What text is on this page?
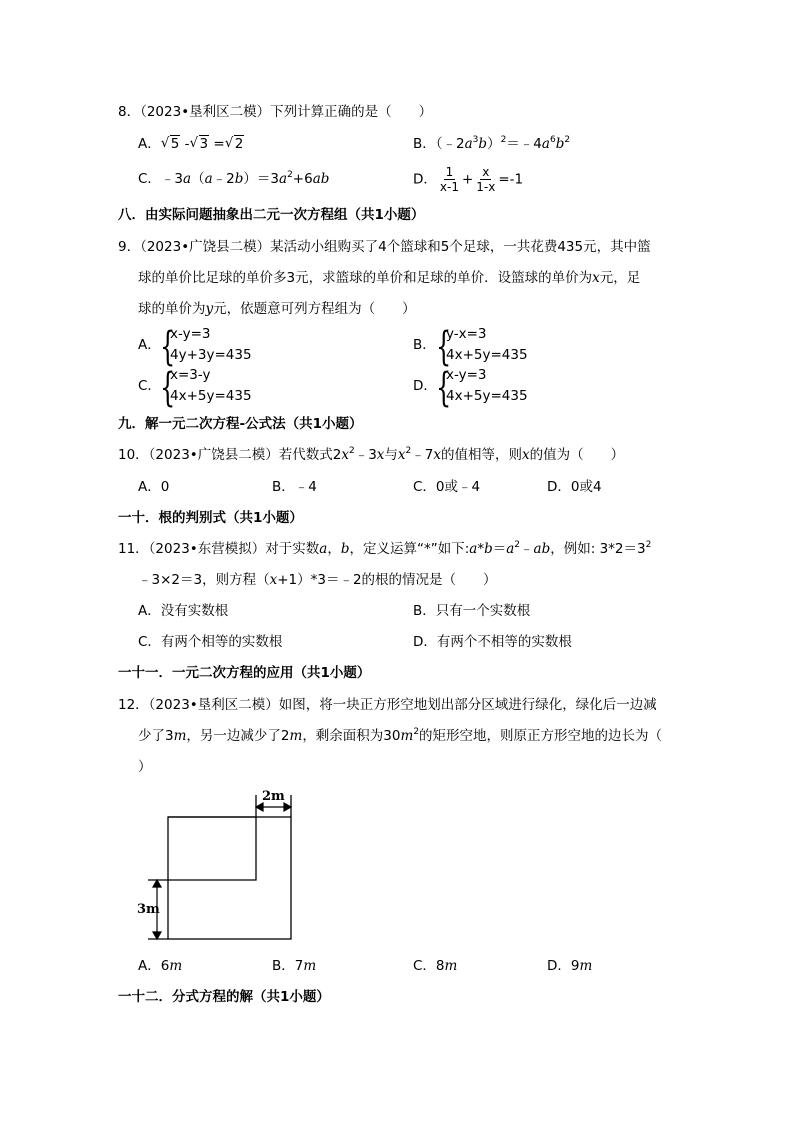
8．（2023•垦利区二模）下列计算正确的是（　　）
A． √ 5 - √ 3 = √ 2	B．$(﹣2a^3b)^2=﹣4a^6b^2$
C．$﹣3a(a﹣2b)=3a^2+6ab$	D． $\frac{1}{x-1} + \frac{x}{1-x} =-1$
八．由实际问题抽象出二元一次方程组（共1小题）
9．（2023•广饶县二模）某活动小组购买了4个篮球和5个足球，一共花费435元，其中篮
球的单价比足球的单价多3元，求篮球的单价和足球的单价．设篮球的单价为x元，足
球的单价为y元，依题意可列方程组为（　　）
A． {
x-y=3
4y+3y=435
B． {
y-x=3
4x+5y=435
C． {
x=3-y
4x+5y=435
D． {
x-y=3
4x+5y=435
九．解一元二次方程-公式法（共1小题）
10．（2023•广饶县二模）若代数式$2x^2﹣3x$与$x^2﹣7x$的值相等，则x的值为（　　）
A．0	B．﹣4	C．0或﹣4	D．0或4
一十．根的判别式（共1小题）
11．（2023•东营模拟）对于实数a，b，定义运算“*”如下$:a*b=a^2﹣ab$，例如: $3*2=3^2$
﹣3×2＝3，则方程（x+1）*3＝﹣2的根的情况是（　　）
A．没有实数根	B．只有一个实数根
C．有两个相等的实数根	D．有两个不相等的实数根
一十一．一元二次方程的应用（共1小题）
12．（2023•垦利区二模）如图，将一块正方形空地划出部分区域进行绿化，绿化后一边减
少了3m，另一边减少了2m，剩余面积为$30m^2$的矩形空地，则原正方形空地的边长为（
）
2m
3m
A．6m	B．7m	C．8m	D．9m
一十二．分式方程的解（共1小题）
